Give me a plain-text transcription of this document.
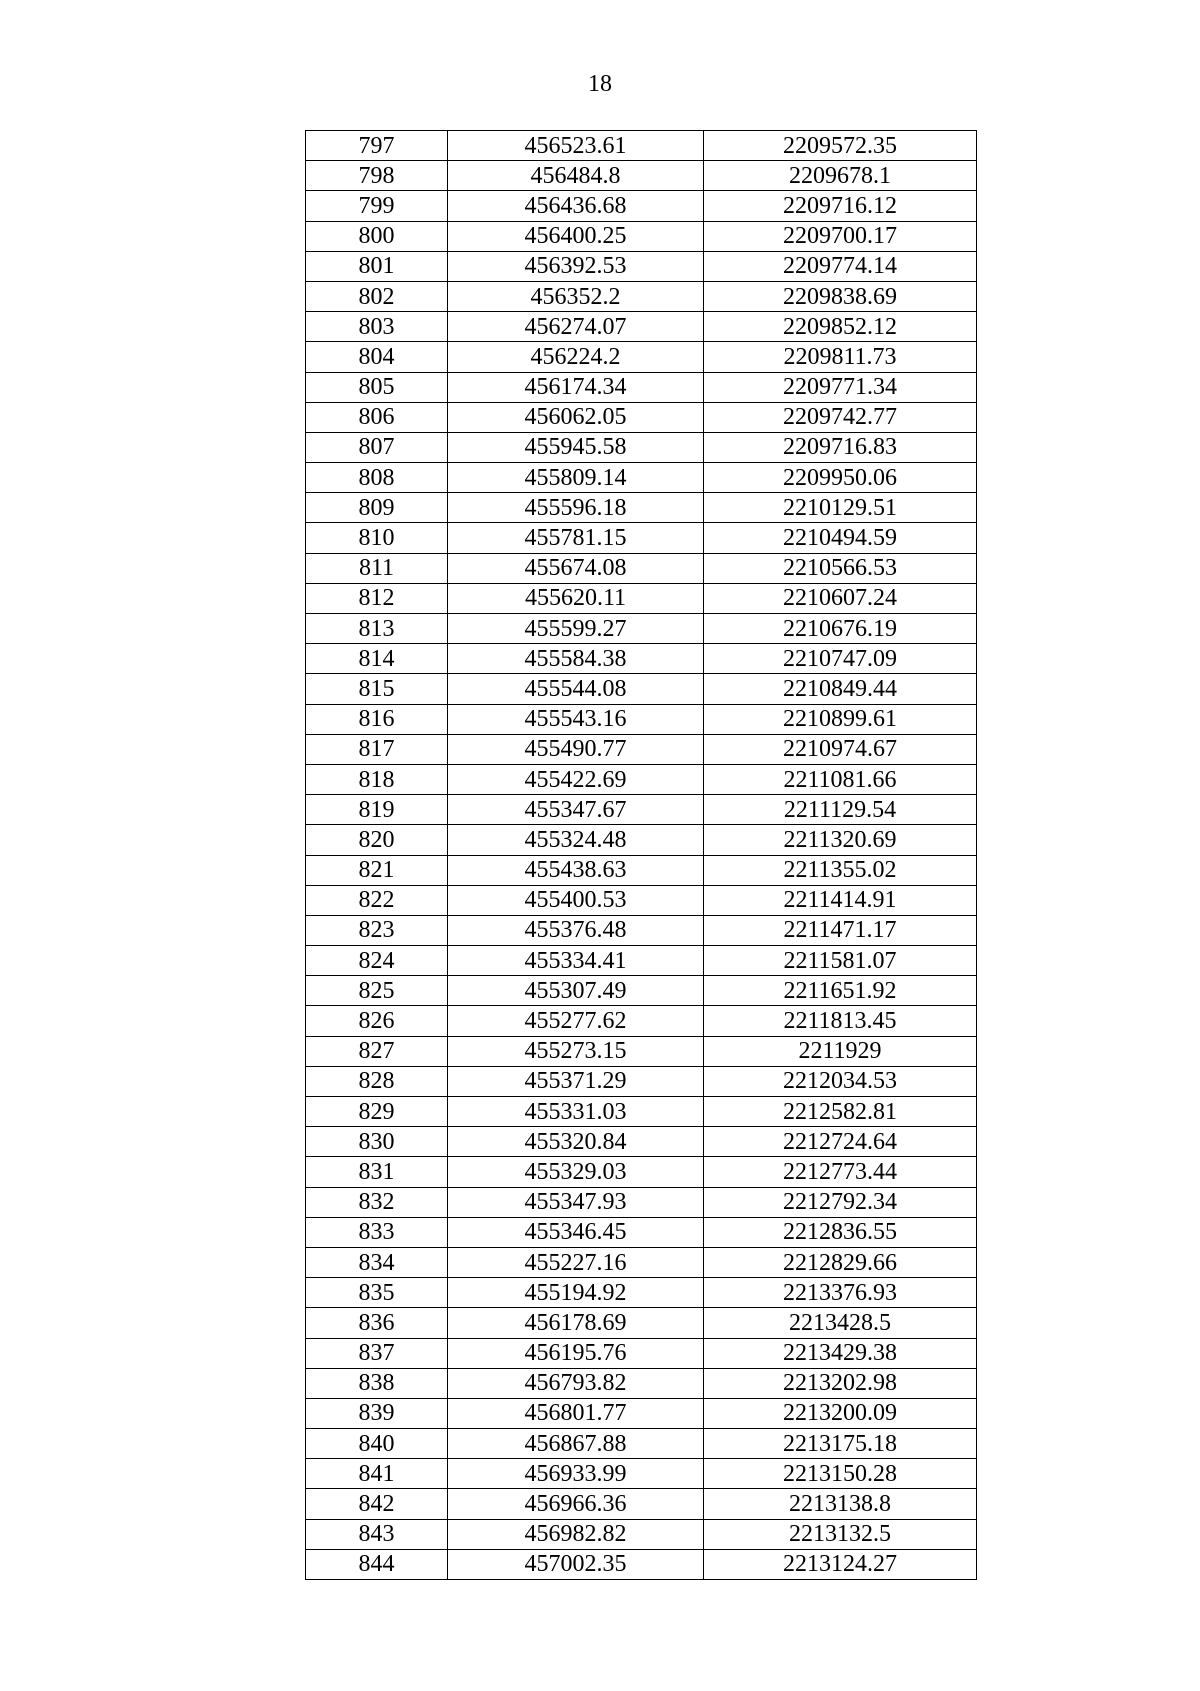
18
797	456523.61	2209572.35
798	456484.8	2209678.1
799	456436.68	2209716.12
800	456400.25	2209700.17
801	456392.53	2209774.14
802	456352.2	2209838.69
803	456274.07	2209852.12
804	456224.2	2209811.73
805	456174.34	2209771.34
806	456062.05	2209742.77
807	455945.58	2209716.83
808	455809.14	2209950.06
809	455596.18	2210129.51
810	455781.15	2210494.59
811	455674.08	2210566.53
812	455620.11	2210607.24
813	455599.27	2210676.19
814	455584.38	2210747.09
815	455544.08	2210849.44
816	455543.16	2210899.61
817	455490.77	2210974.67
818	455422.69	2211081.66
819	455347.67	2211129.54
820	455324.48	2211320.69
821	455438.63	2211355.02
822	455400.53	2211414.91
823	455376.48	2211471.17
824	455334.41	2211581.07
825	455307.49	2211651.92
826	455277.62	2211813.45
827	455273.15	2211929
828	455371.29	2212034.53
829	455331.03	2212582.81
830	455320.84	2212724.64
831	455329.03	2212773.44
832	455347.93	2212792.34
833	455346.45	2212836.55
834	455227.16	2212829.66
835	455194.92	2213376.93
836	456178.69	2213428.5
837	456195.76	2213429.38
838	456793.82	2213202.98
839	456801.77	2213200.09
840	456867.88	2213175.18
841	456933.99	2213150.28
842	456966.36	2213138.8
843	456982.82	2213132.5
844	457002.35	2213124.27
